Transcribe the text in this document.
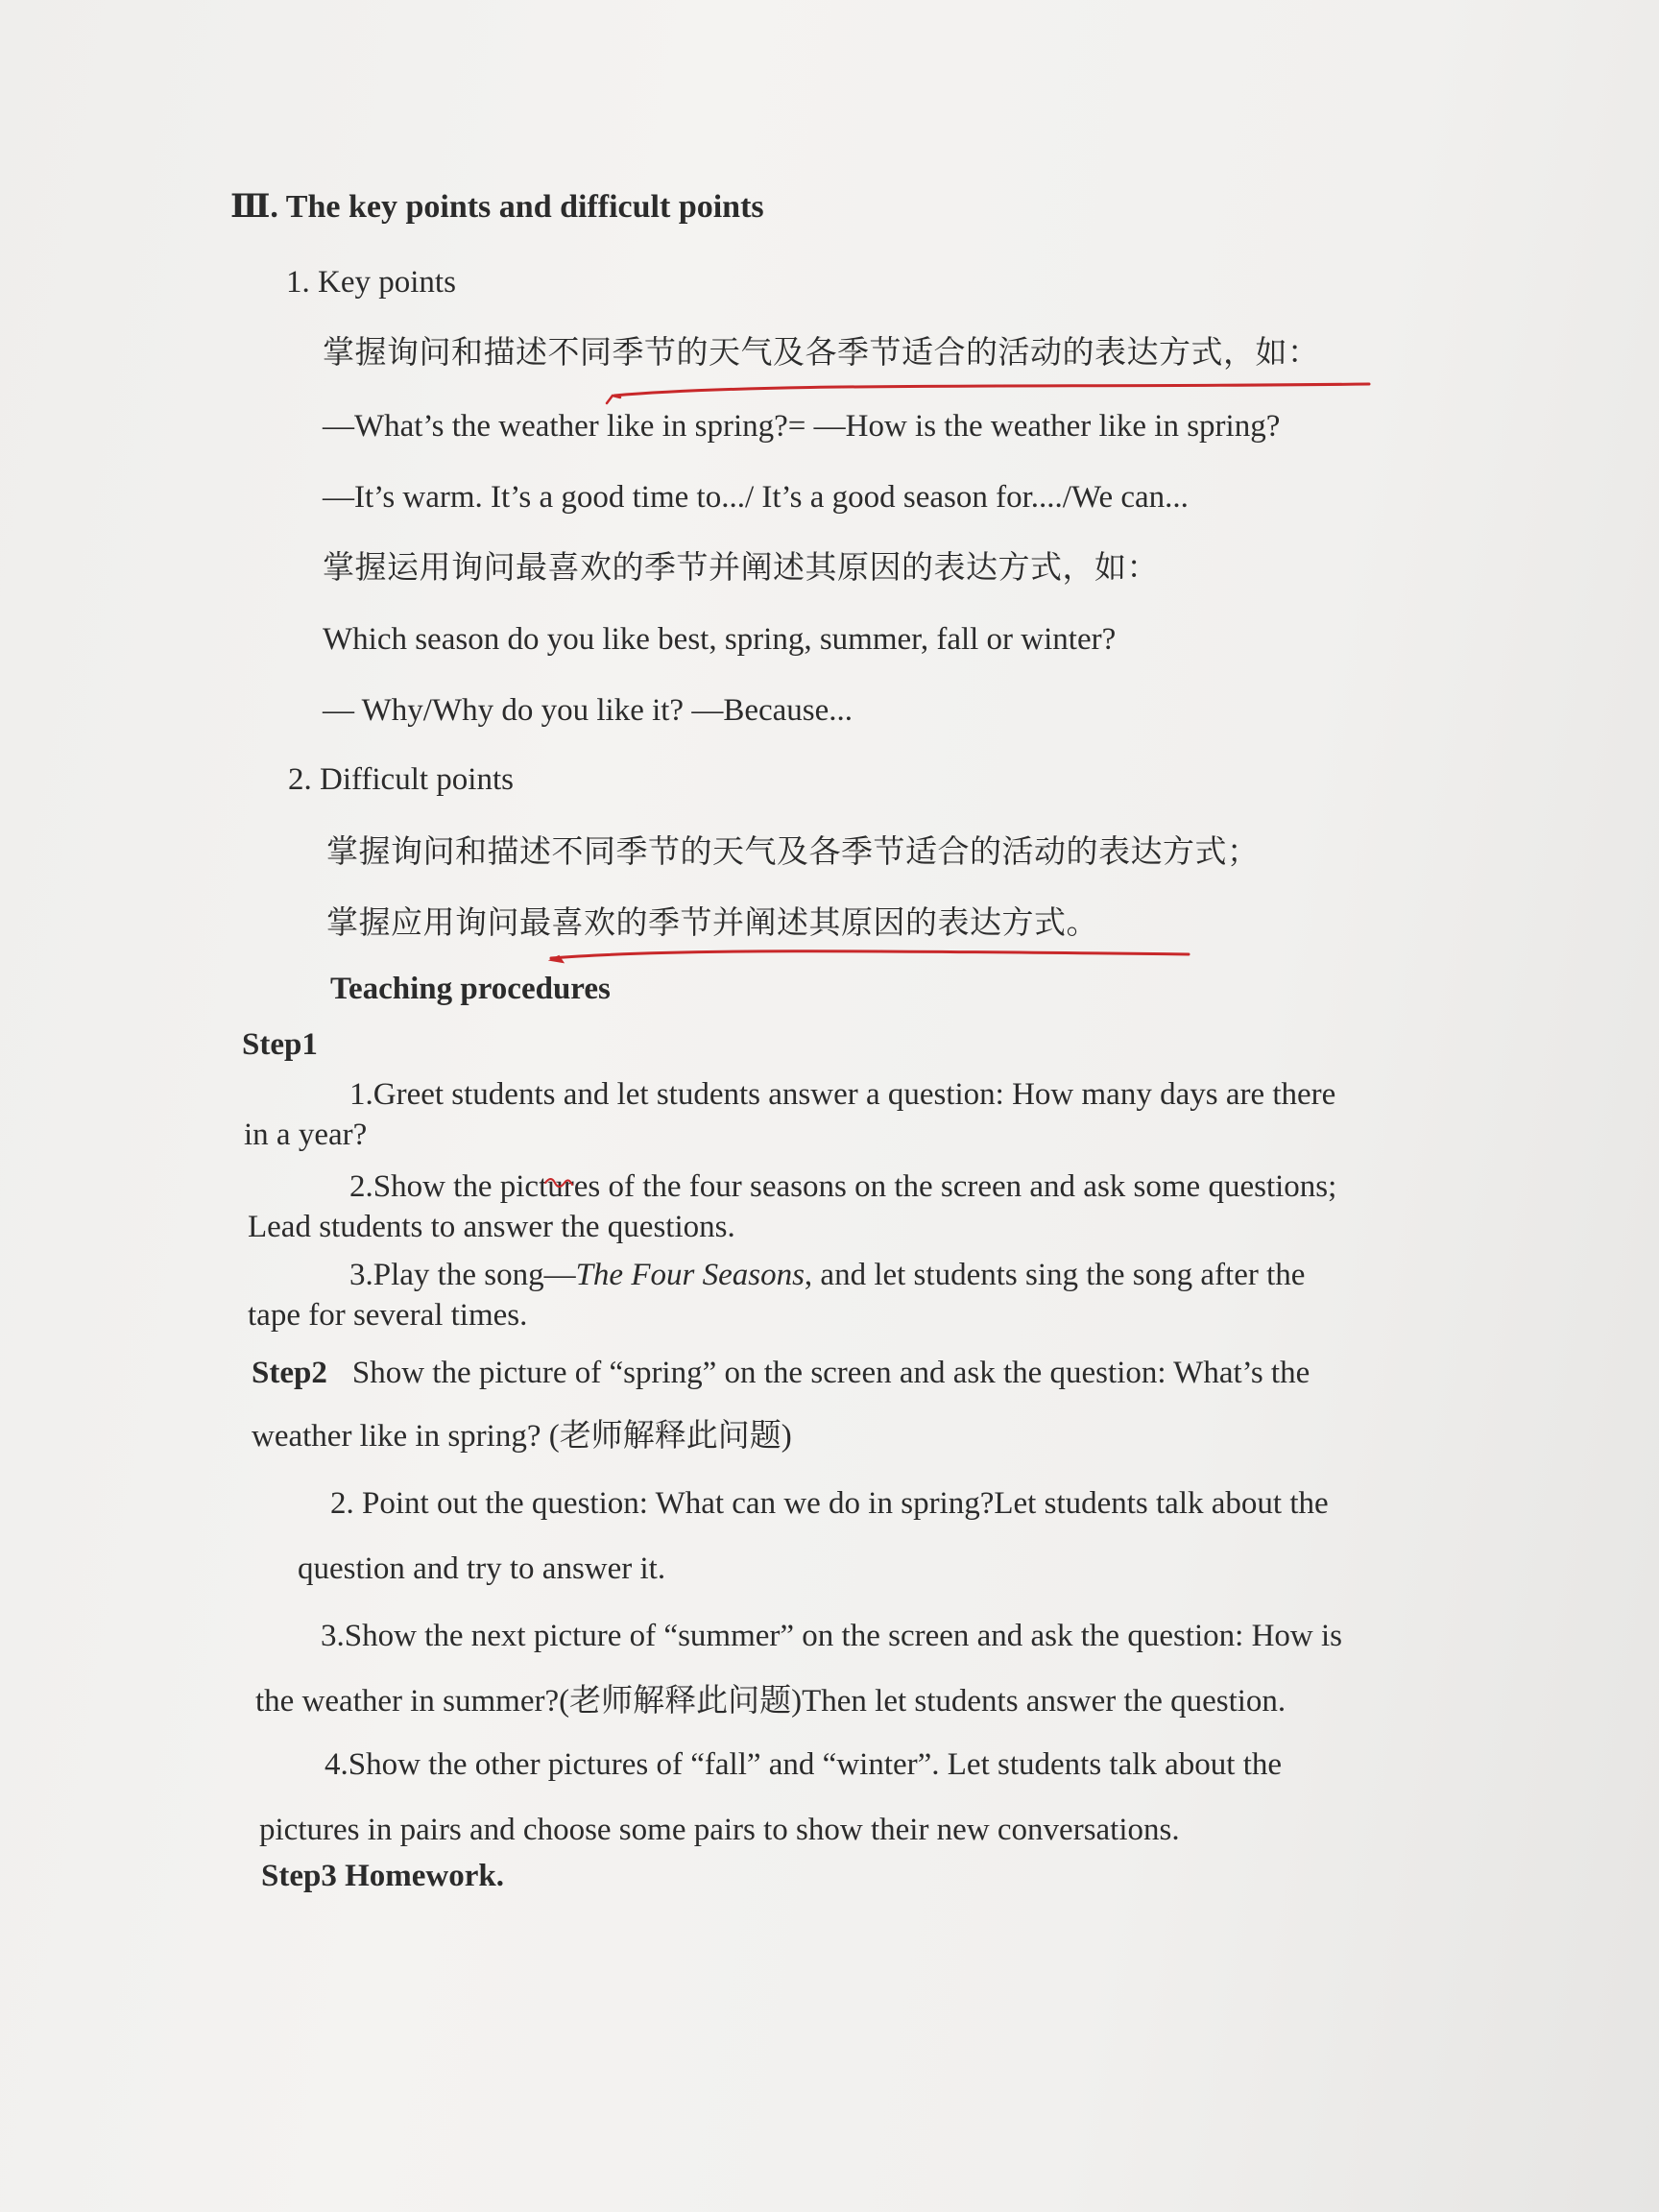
Ⅲ. The key points and difficult points
1. Key points
掌握询问和描述不同季节的天气及各季节适合的活动的表达方式，如：
—What’s the weather like in spring?= —How is the weather like in spring?
—It’s warm. It’s a good time to.../ It’s a good season for..../We can...
掌握运用询问最喜欢的季节并阐述其原因的表达方式，如：
Which season do you like best, spring, summer, fall or winter?
— Why/Why do you like it? —Because...
2. Difficult points
掌握询问和描述不同季节的天气及各季节适合的活动的表达方式；
掌握应用询问最喜欢的季节并阐述其原因的表达方式。
Teaching procedures
Step1
1.Greet students and let students answer a question: How many days are there
in a year?
2.Show the pictures of the four seasons on the screen and ask some questions;
Lead students to answer the questions.
3.Play the song—The Four Seasons, and let students sing the song after the
tape for several times.
Step2 Show the picture of “spring” on the screen and ask the question: What’s the
weather like in spring? (老师解释此问题)
2. Point out the question: What can we do in spring?Let students talk about the
question and try to answer it.
3.Show the next picture of “summer” on the screen and ask the question: How is
the weather in summer?(老师解释此问题)Then let students answer the question.
4.Show the other pictures of “fall” and “winter”. Let students talk about the
pictures in pairs and choose some pairs to show their new conversations.
Step3 Homework.
